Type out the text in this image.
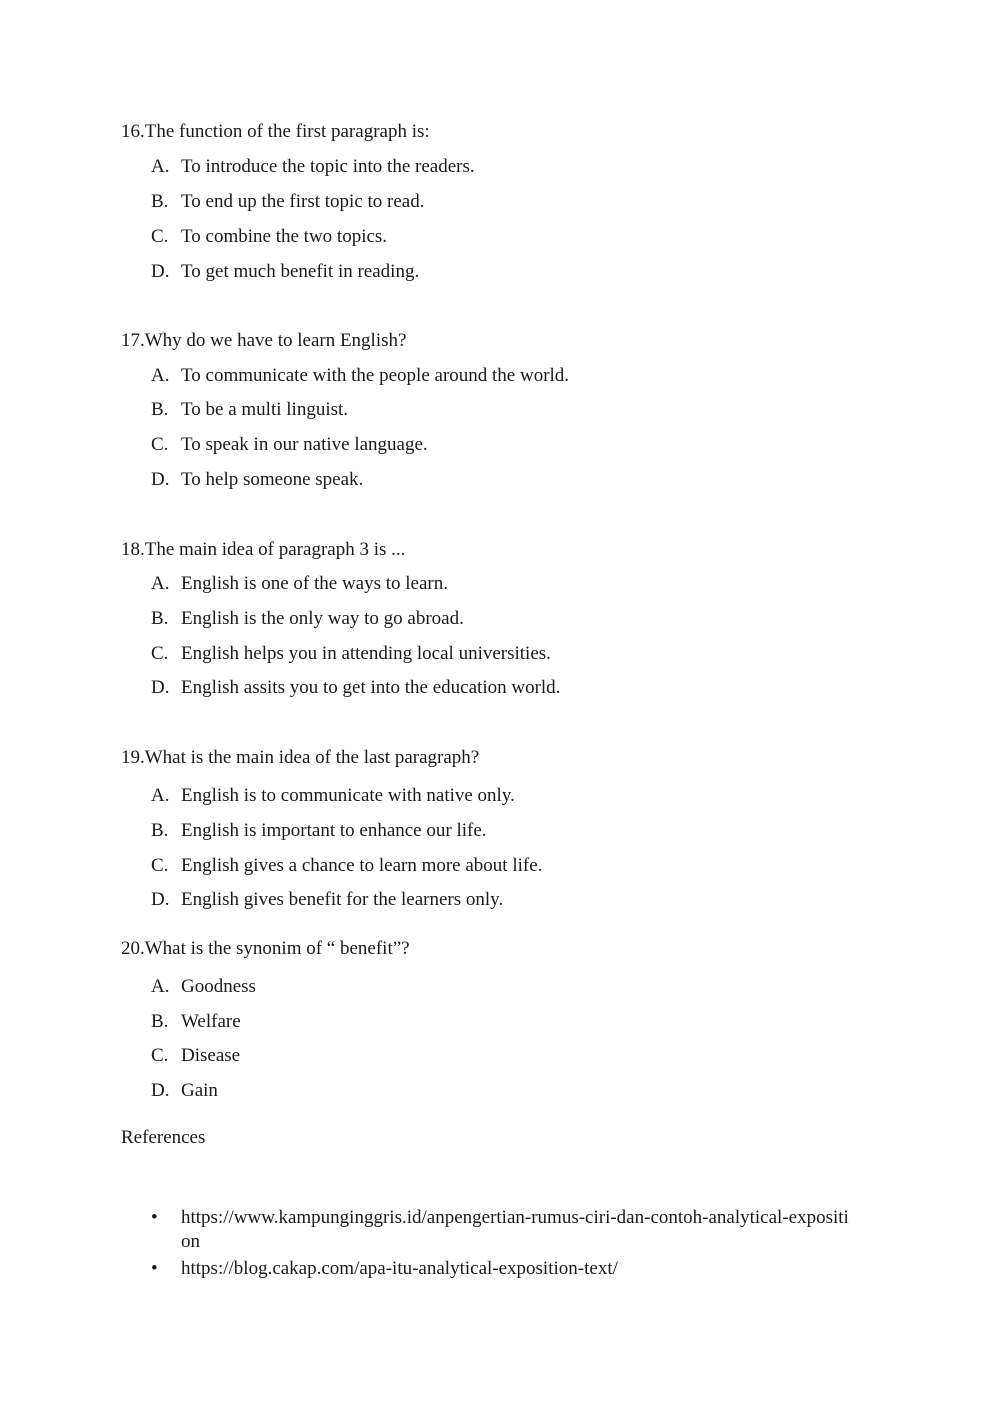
16.The function of the first paragraph is:
A. To introduce the topic into the readers.
B. To end up the first topic to read.
C. To combine the two topics.
D. To get much benefit in reading.
17.Why do we have to learn English?
A. To communicate with the people around the world.
B. To be a multi linguist.
C. To speak in our native language.
D. To help someone speak.
18.The main idea of paragraph 3 is ...
A. English is one of the ways to learn.
B. English is the only way to go abroad.
C. English helps you in attending local universities.
D. English assits you to get into the education world.
19.What is the main idea of the last paragraph?
A. English is to communicate with native only.
B. English is important to enhance our life.
C. English gives a chance to learn more about life.
D. English gives benefit for the learners only.
20.What is the synonim of “ benefit”?
A. Goodness
B. Welfare
C. Disease
D. Gain
References
•	https://www.kampunginggris.id/anpengertian-rumus-ciri-dan-contoh-analytical-exposition
•	https://blog.cakap.com/apa-itu-analytical-exposition-text/
